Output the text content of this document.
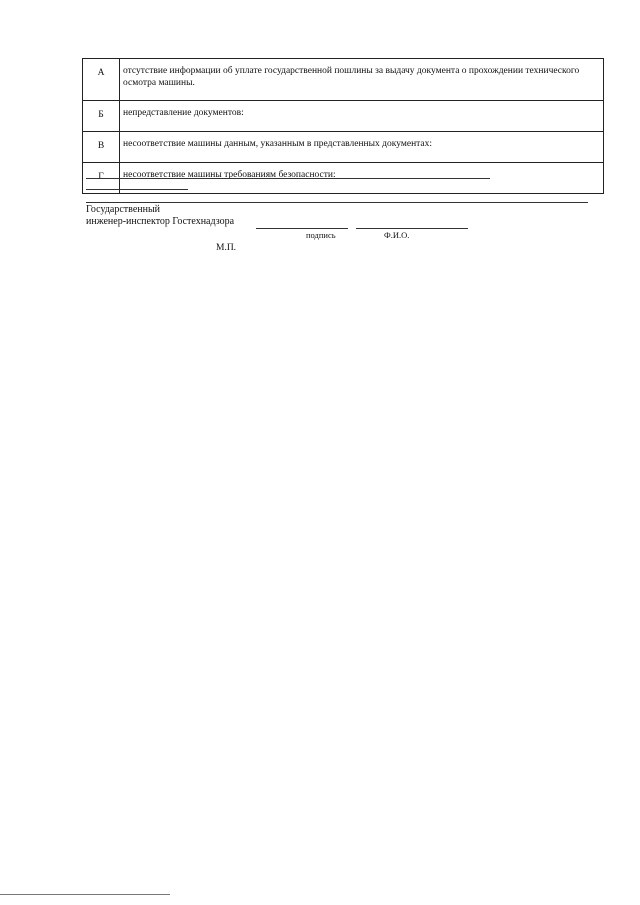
А	отсутствие информации об уплате государственной пошлины за выдачу документа о прохождении технического осмотра машины.
Б	непредставление документов:
В	несоответствие машины данным, указанным в представленных документах:
Г	несоответствие машины требованиям безопасности:
Государственный
инженер-инспектор Гостехнадзора
подпись	Ф.И.О.
М.П.
